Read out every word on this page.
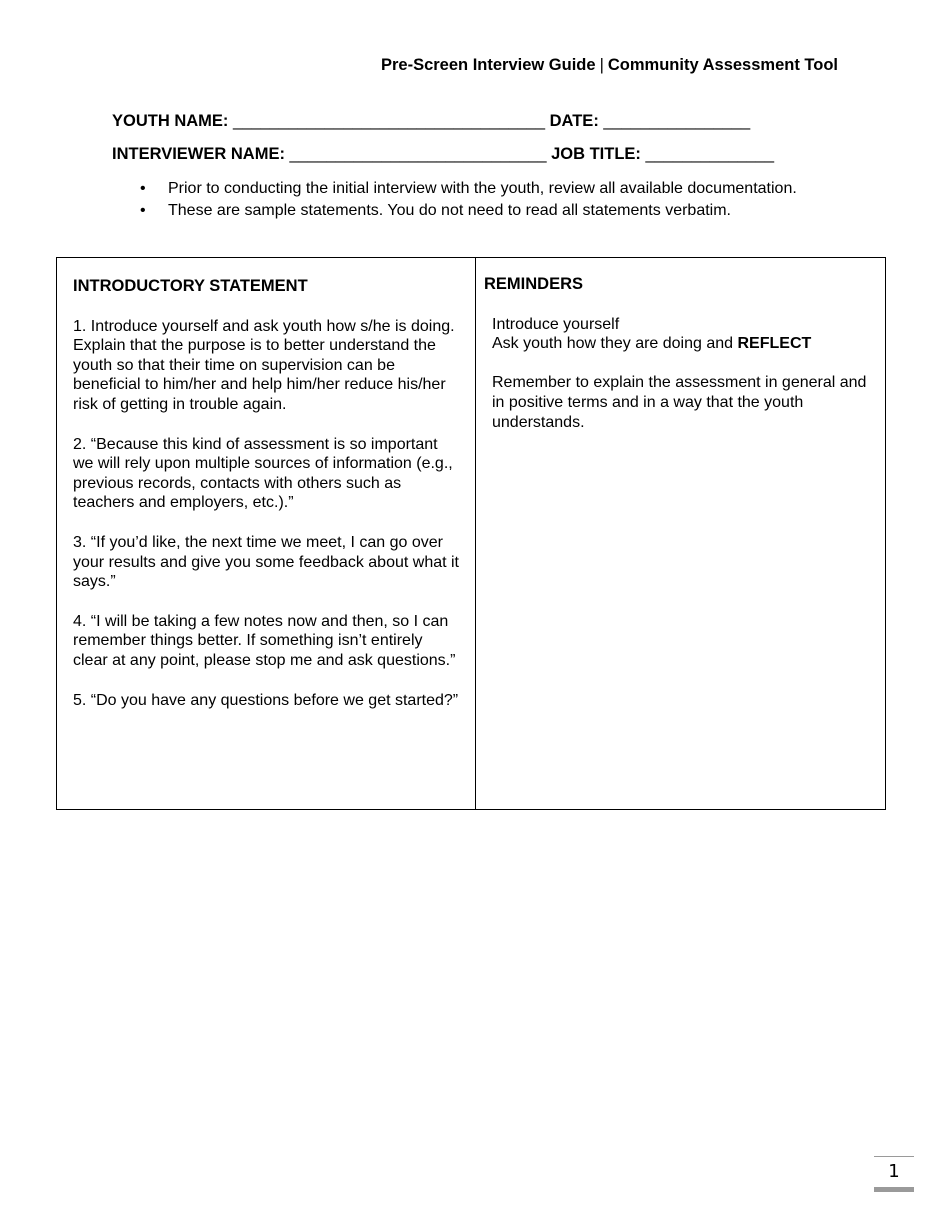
Pre-Screen Interview Guide | Community Assessment Tool
YOUTH NAME: __________________________________ DATE: ________________
INTERVIEWER NAME: ____________________________ JOB TITLE: ______________
• Prior to conducting the initial interview with the youth, review all available documentation.
• These are sample statements. You do not need to read all statements verbatim.
INTRODUCTORY STATEMENT

1. Introduce yourself and ask youth how s/he is doing. Explain that the purpose is to better understand the youth so that their time on supervision can be beneficial to him/her and help him/her reduce his/her risk of getting in trouble again.

2. “Because this kind of assessment is so important we will rely upon multiple sources of information (e.g., previous records, contacts with others such as teachers and employers, etc.).”

3. “If you’d like, the next time we meet, I can go over your results and give you some feedback about what it says.”

4. “I will be taking a few notes now and then, so I can remember things better. If something isn’t entirely clear at any point, please stop me and ask questions.”

5. “Do you have any questions before we get started?”

REMINDERS
Introduce yourself
Ask youth how they are doing and REFLECT
Remember to explain the assessment in general and in positive terms and in a way that the youth understands.
1
